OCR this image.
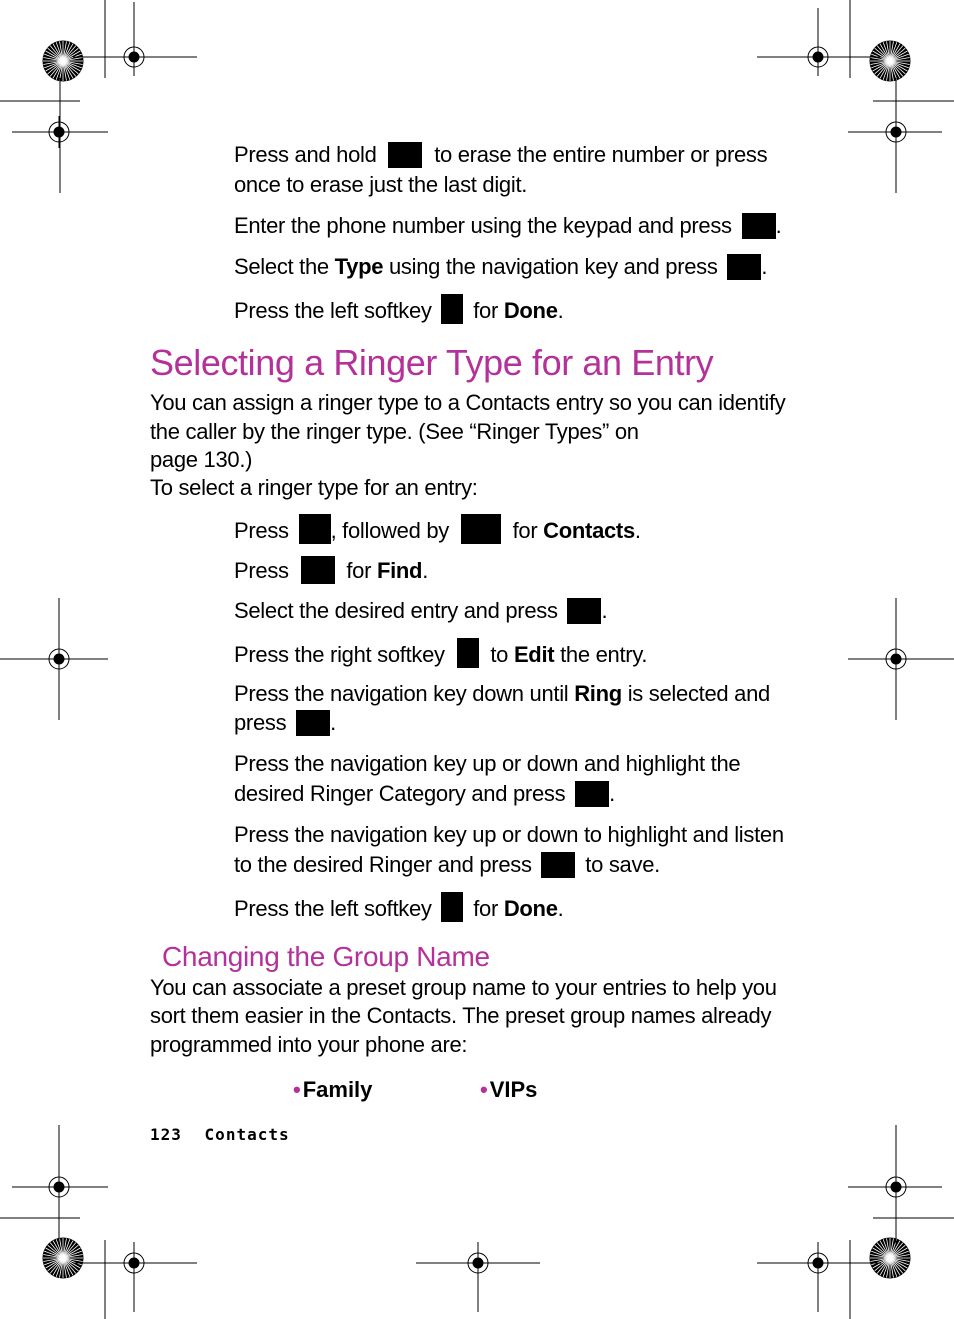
Press and hold	to erase the entire number or press
once to erase just the last digit.
Enter the phone number using the keypad and press .
Select the Type using the navigation key and press .
Press the left softkey for Done.
Selecting a Ringer Type for an Entry
You can assign a ringer type to a Contacts entry so you can identify
the caller by the ringer type. (See “Ringer Types” on
page 130.)
To select a ringer type for an entry:
Press , followed by	for Contacts.
Press	for Find.
Select the desired entry and press .
Press the right softkey to Edit the entry.
Press the navigation key down until Ring is selected and
press .
Press the navigation key up or down and highlight the
desired Ringer Category and press .
Press the navigation key up or down to highlight and listen
to the desired Ringer and press to save.
Press the left softkey for Done.
Changing the Group Name
You can associate a preset group name to your entries to help you
sort them easier in the Contacts. The preset group names already
programmed into your phone are:
•Family	•VIPs
123 Contacts
